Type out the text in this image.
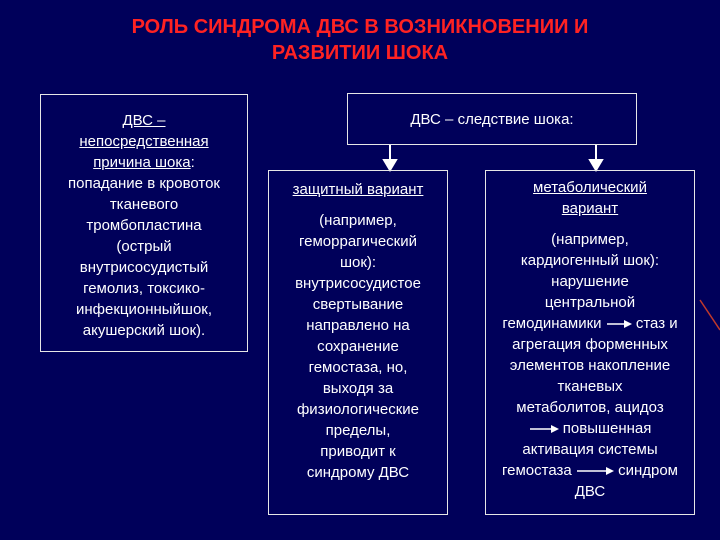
РОЛЬ СИНДРОМА ДВС В ВОЗНИКНОВЕНИИ И
РАЗВИТИИ ШОКА
ДВС –
непосредственная
причина шока:
попадание в кровоток
тканевого
тромбопластина
(острый
внутрисосудистый
гемолиз, токсико-
инфекционныйшок,
акушерский шок).
ДВС – следствие шока:
защитный вариант
(например,
геморрагический
шок):
внутрисосудистое
свертывание
направлено на
сохранение
гемостаза, но,
выходя за
физиологические
пределы,
приводит к
синдрому ДВС
метаболический
вариант
(например,
кардиогенный шок):
нарушение
центральной
гемодинамики стаз и
агрегация форменных
элементов накопление
тканевых
метаболитов, ацидоз
повышенная
активация системы
гемостаза	синдром
ДВС
